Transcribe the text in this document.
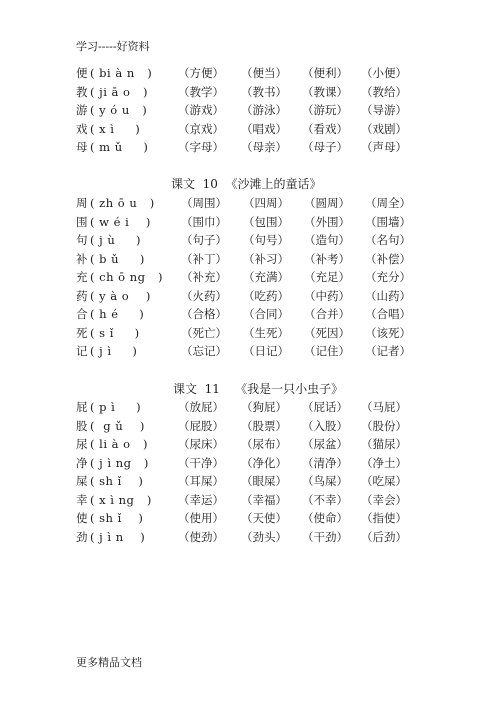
学习-----好资料
便 ( bi à n   )	（方便）	（便当）	（便利）	（小便）
教 ( ji ā o   )	（教学）	（教书）	（教课）	（教给）
游 ( y ó u   )	（游戏）	（游泳）	（游玩）	（导游）
戏 ( x ì     )	（京戏）	（唱戏）	（看戏）	（戏剧）
母 ( m ǔ     )	（字母）	（母亲）	（母子）	（声母）
课文  10  《沙滩上的童话》
周 ( zh ō u   )	（周围）	（四周）	（圆周）	（周全）
围 ( w é i    )	（围巾）	（包围）	（外围）	（围墙）
句 ( j ù     )	（句子）	（句号）	（造句）	（名句）
补 ( b ǔ     )	（补丁）	（补习）	（补考）	（补偿）
充 ( ch ō ng   )	（补充）	（充满）	（充足）	（充分）
药 ( y à o    )	（火药）	（吃药）	（中药）	（山药）
合 ( h é     )	（合格）	（合同）	（合并）	（合唱）
死 ( s ǐ     )	（死亡）	（生死）	（死因）	（该死）
记 ( j ì     )	（忘记）	（日记）	（记住）	（记者）
课文  11    《我是一只小虫子》
屁 ( p ì     )	（放屁）	（狗屁）	（屁话）	（马屁）
股 (  g ǔ    )	（屁股）	（股票）	（入股）	（股份）
尿 ( li à o   )	（尿床）	（尿布）	（尿盆）	（猫尿）
净 ( j ì ng   )	（干净）	（净化）	（清净）	（净土）
屎 ( sh ǐ    )	（耳屎）	（眼屎）	（鸟屎）	（吃屎）
幸 ( x ì ng   )	（幸运）	（幸福）	（不幸）	（幸会）
使 ( sh ǐ    )	（使用）	（天使）	（使命）	（指使）
劲 ( j ì n    )	（使劲）	（劲头）	（干劲）	（后劲）
更多精品文档
